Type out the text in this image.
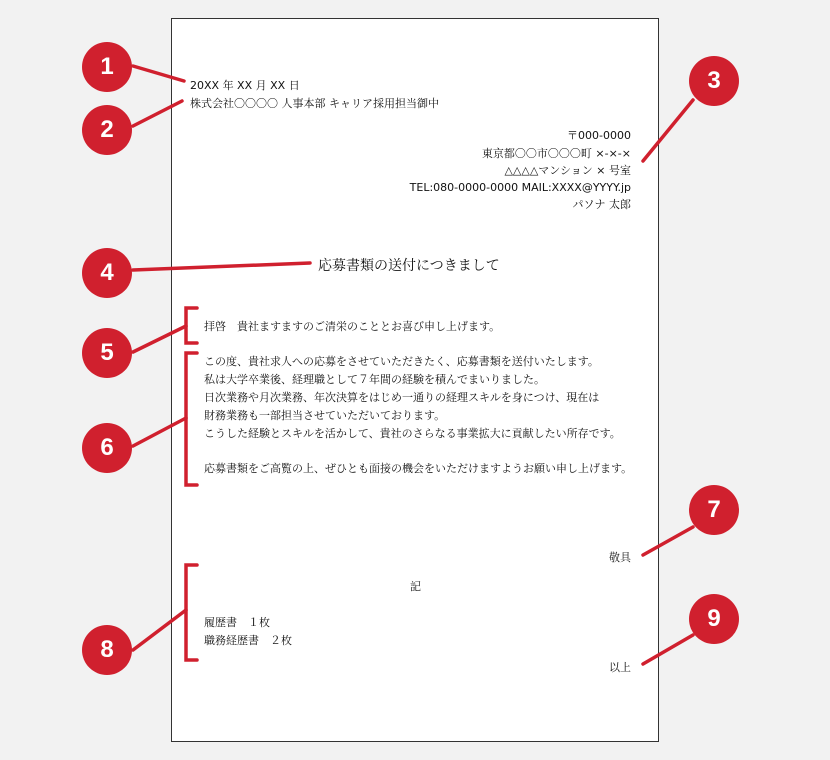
20XX 年 XX 月 XX 日
株式会社〇〇〇〇 人事本部 キャリア採用担当御中
〒000-0000
東京都〇〇市〇〇〇町 ×-×-×
△△△△マンション × 号室
TEL:080-0000-0000 MAIL:XXXX@YYYY.jp
パソナ 太郎
応募書類の送付につきまして
拝啓　貴社ますますのご清栄のこととお喜び申し上げます。
この度、貴社求人への応募をさせていただきたく、応募書類を送付いたします。
私は大学卒業後、経理職として７年間の経験を積んでまいりました。
日次業務や月次業務、年次決算をはじめ一通りの経理スキルを身につけ、現在は
財務業務も一部担当させていただいております。
こうした経験とスキルを活かして、貴社のさらなる事業拡大に貢献したい所存です。
応募書類をご高覧の上、ぜひとも面接の機会をいただけますようお願い申し上げます。
敬具
記
履歴書　１枚
職務経歴書　２枚
以上
1
2
3
4
5
6
7
8
9
